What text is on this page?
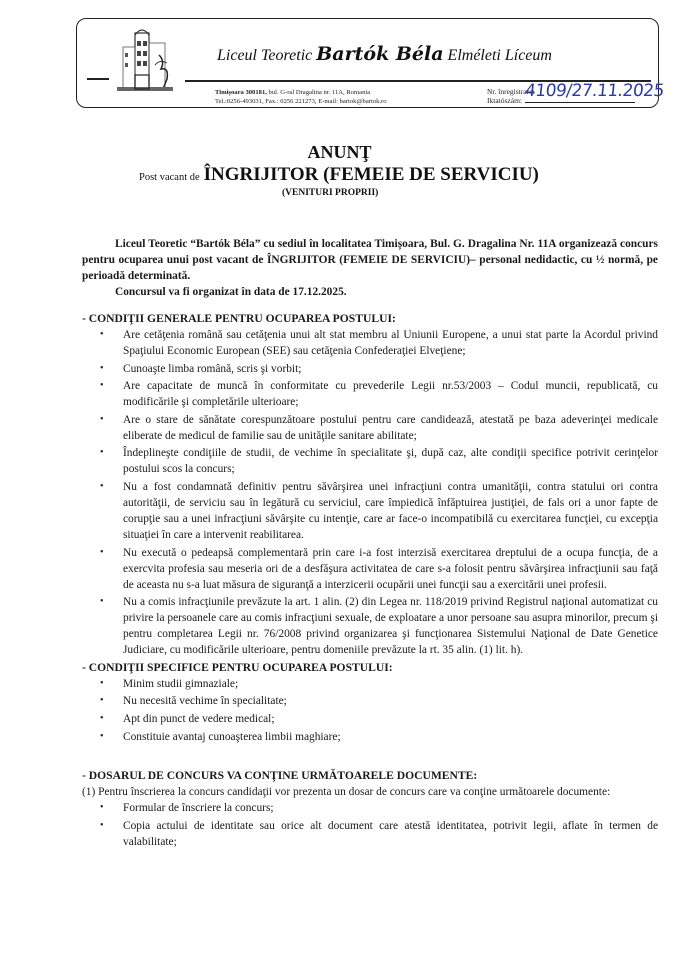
Liceul Teoretic Bartók Béla Elméleti Líceum
Timişoara 300181, bul. G-ral Dragalina nr. 11A, Romania
Tel.:0256-493031, Fax.: 0256 221273, E-mail: bartok@bartok.ro
Nr. înregistrare:
Iktatószám: 4109/27.11.2025
ANUNŢ
Post vacant de ÎNGRIJITOR (FEMEIE DE SERVICIU)
(VENITURI PROPRII)

Liceul Teoretic “Bartók Béla” cu sediul în localitatea Timișoara, Bul. G. Dragalina Nr. 11A organizează concurs pentru ocuparea unui post vacant de ÎNGRIJITOR (FEMEIE DE SERVICIU)– personal nedidactic, cu ½ normă, pe perioadă determinată.

Concursul va fi organizat în data de 17.12.2025.

- CONDIŢII GENERALE PENTRU OCUPAREA POSTULUI:

• Are cetăţenia română sau cetăţenia unui alt stat membru al Uniunii Europene, a unui stat parte la Acordul privind Spaţiului Economic European (SEE) sau cetăţenia Confederaţiei Elveţiene;
• Cunoaşte limba română, scris şi vorbit;
• Are capacitate de muncă în conformitate cu prevederile Legii nr.53/2003 – Codul muncii, republicată, cu modificările şi completările ulterioare;
• Are o stare de sănătate corespunzătoare postului pentru care candidează, atestată pe baza adeverinţei medicale eliberate de medicul de familie sau de unităţile sanitare abilitate;
• Îndeplineşte condiţiile de studii, de vechime în specialitate şi, după caz, alte condiţii specifice potrivit cerinţelor postului scos la concurs;
• Nu a fost condamnată definitiv pentru săvârşirea unei infracţiuni contra umanităţii, contra statului ori contra autorităţii, de serviciu sau în legătură cu serviciul, care împiedică înfăptuirea justiţiei, de fals ori a unor fapte de corupţie sau a unei infracţiuni săvârşite cu intenţie, care ar face-o incompatibilă cu exercitarea funcţiei, cu excepţia situaţiei în care a intervenit reabilitarea.
• Nu execută o pedeapsă complementară prin care i-a fost interzisă exercitarea dreptului de a ocupa funcţia, de a exercvita profesia sau meseria ori de a desfăşura activitatea de care s-a folosit pentru săvârşirea infracţiunii sau faţă de aceasta nu s-a luat măsura de siguranţă a interzicerii ocupării unei funcţii sau a exercitării unei profesii.
• Nu a comis infracţiunile prevăzute la art. 1 alin. (2) din Legea nr. 118/2019 privind Registrul naţional automatizat cu privire la persoanele care au comis infracţiuni sexuale, de exploatare a unor persoane sau asupra minorilor, precum şi pentru completarea Legii nr. 76/2008 privind organizarea şi funcţionarea Sistemului Naţional de Date Genetice Judiciare, cu modificările ulterioare, pentru domeniile prevăzute la rt. 35 alin. (1) lit. h).

- CONDIŢII SPECIFICE PENTRU OCUPAREA POSTULUI:

• Minim studii gimnaziale;
• Nu necesită vechime în specialitate;
• Apt din punct de vedere medical;
• Constituie avantaj cunoaşterea limbii maghiare;

- DOSARUL DE CONCURS VA CONŢINE URMĂTOARELE DOCUMENTE:

(1) Pentru înscrierea la concurs candidaţii vor prezenta un dosar de concurs care va conţine următoarele documente:

• Formular de înscriere la concurs;
• Copia actului de identitate sau orice alt document care atestă identitatea, potrivit legii, aflate în termen de valabilitate;
